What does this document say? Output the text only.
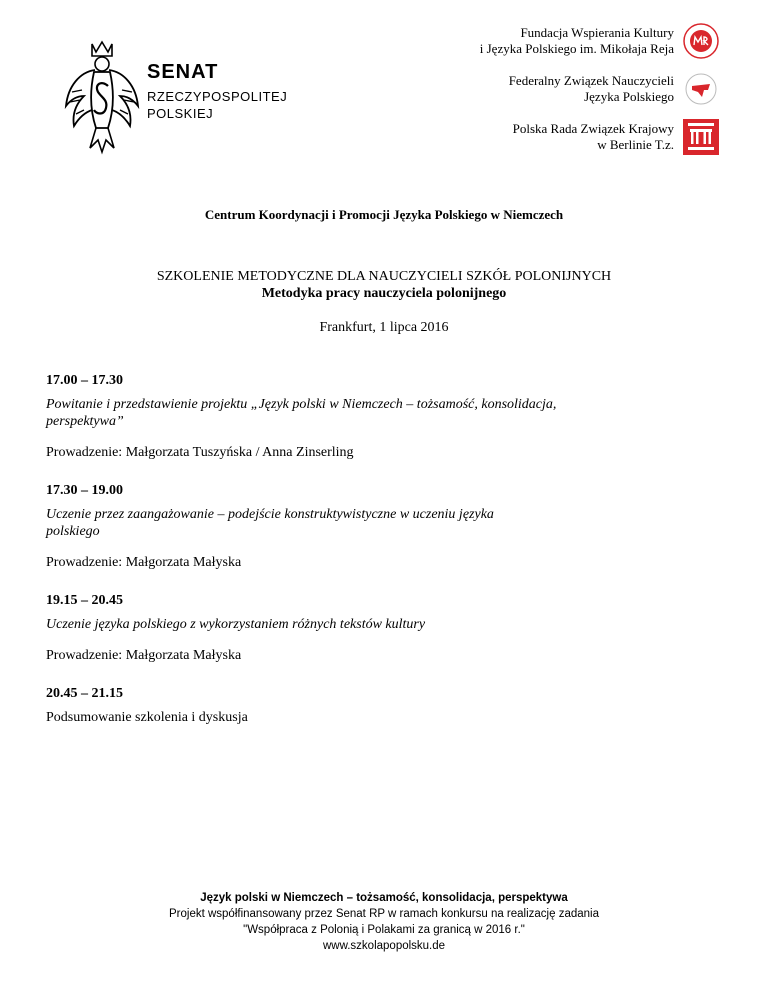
SENAT
RZECZYPOSPOLITEJ
POLSKIEJ
Fundacja Wspierania Kultury
i Języka Polskiego im. Mikołaja Reja
Federalny Związek Nauczycieli
Języka Polskiego
Polska Rada Związek Krajowy
w Berlinie T.z.
Centrum Koordynacji i Promocji Języka Polskiego w Niemczech
SZKOLENIE METODYCZNE DLA NAUCZYCIELI SZKÓŁ POLONIJNYCH
Metodyka pracy nauczyciela polonijnego
Frankfurt, 1 lipca 2016
17.00 – 17.30
Powitanie i przedstawienie projektu „Język polski w Niemczech – tożsamość, konsolidacja,
perspektywa”
Prowadzenie: Małgorzata Tuszyńska / Anna Zinserling
17.30 – 19.00
Uczenie przez zaangażowanie – podejście konstruktywistyczne w uczeniu języka
polskiego
Prowadzenie: Małgorzata Małyska
19.15 – 20.45
Uczenie języka polskiego z wykorzystaniem różnych tekstów kultury
Prowadzenie: Małgorzata Małyska
20.45 – 21.15
Podsumowanie szkolenia i dyskusja
Język polski w Niemczech – tożsamość, konsolidacja, perspektywa
Projekt współfinansowany przez Senat RP w ramach konkursu na realizację zadania
"Współpraca z Polonią i Polakami za granicą w 2016 r."
www.szkolapopolsku.de
